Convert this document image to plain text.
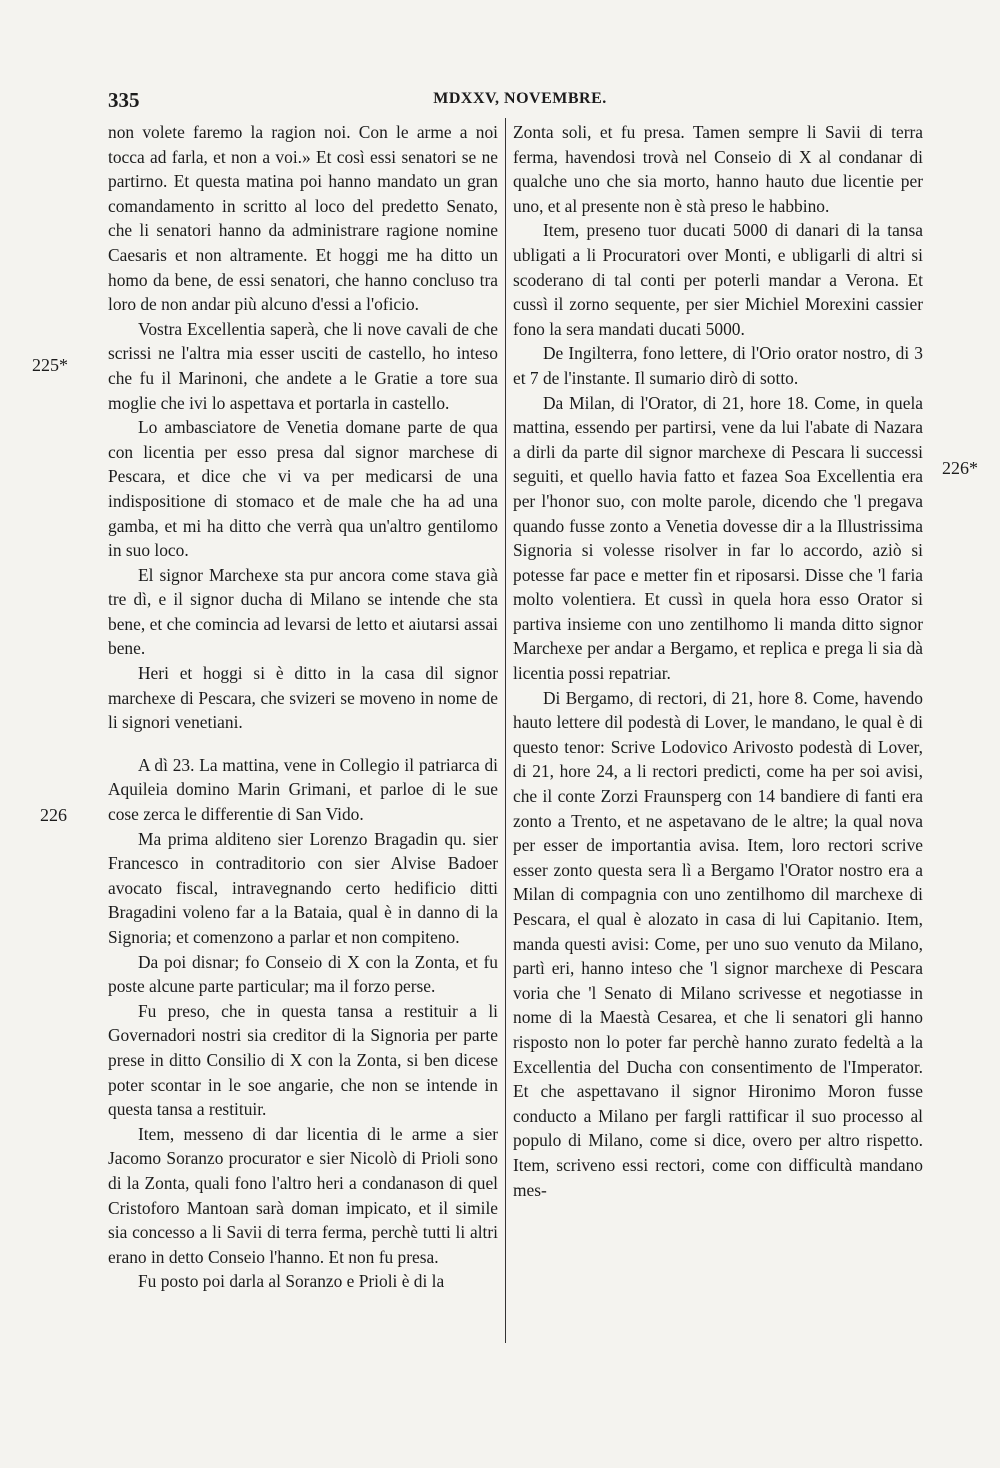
335	MDXXV, NOVEMBRE.
225*
226
226*

non volete faremo la ragion noi. Con le arme a noi tocca ad farla, et non a voi.» Et così essi senatori se ne partirno. Et questa matina poi hanno mandato un gran comandamento in scritto al loco del predetto Senato, che li senatori hanno da administrare ragione nomine Caesaris et non altramente. Et hoggi me ha ditto un homo da bene, de essi senatori, che hanno concluso tra loro de non andar più alcuno d'essi a l'oficio.

Vostra Excellentia saperà, che li nove cavali de che scrissi ne l'altra mia esser usciti de castello, ho inteso che fu il Marinoni, che andete a le Gratie a tore sua moglie che ivi lo aspettava et portarla in castello.

Lo ambasciatore de Venetia domane parte de qua con licentia per esso presa dal signor marchese di Pescara, et dice che vi va per medicarsi de una indispositione di stomaco et de male che ha ad una gamba, et mi ha ditto che verrà qua un'altro gentilomo in suo loco.

El signor Marchexe sta pur ancora come stava già tre dì, e il signor ducha di Milano se intende che sta bene, et che comincia ad levarsi de letto et aiutarsi assai bene.

Heri et hoggi si è ditto in la casa dil signor marchexe di Pescara, che svizeri se moveno in nome de li signori venetiani.

A dì 23. La mattina, vene in Collegio il patriarca di Aquileia domino Marin Grimani, et parloe di le sue cose zerca le differentie di San Vido.

Ma prima alditeno sier Lorenzo Bragadin qu. sier Francesco in contraditorio con sier Alvise Badoer avocato fiscal, intravegnando certo hedificio ditti Bragadini voleno far a la Bataia, qual è in danno di la Signoria; et comenzono a parlar et non compiteno.

Da poi disnar; fo Conseio di X con la Zonta, et fu poste alcune parte particular; ma il forzo perse.

Fu preso, che in questa tansa a restituir a li Governadori nostri sia creditor di la Signoria per parte prese in ditto Consilio di X con la Zonta, si ben dicese poter scontar in le soe angarie, che non se intende in questa tansa a restituir.

Item, messeno di dar licentia di le arme a sier Jacomo Soranzo procurator e sier Nicolò di Prioli sono di la Zonta, quali fono l'altro heri a condanason di quel Cristoforo Mantoan sarà doman impicato, et il simile sia concesso a li Savii di terra ferma, perchè tutti li altri erano in detto Conseio l'hanno. Et non fu presa.

Fu posto poi darla al Soranzo e Prioli è di la

Zonta soli, et fu presa. Tamen sempre li Savii di terra ferma, havendosi trovà nel Conseio di X al condanar di qualche uno che sia morto, hanno hauto due licentie per uno, et al presente non è stà preso le habbino.

Item, preseno tuor ducati 5000 di danari di la tansa ubligati a li Procuratori over Monti, e ubligarli di altri si scoderano di tal conti per poterli mandar a Verona. Et cussì il zorno sequente, per sier Michiel Morexini cassier fono la sera mandati ducati 5000.

De Ingilterra, fono lettere, di l'Orio orator nostro, di 3 et 7 de l'instante. Il sumario dirò di sotto.

Da Milan, di l'Orator, di 21, hore 18. Come, in quela mattina, essendo per partirsi, vene da lui l'abate di Nazara a dirli da parte dil signor marchexe di Pescara li successi seguiti, et quello havia fatto et fazea Soa Excellentia era per l'honor suo, con molte parole, dicendo che 'l pregava quando fusse zonto a Venetia dovesse dir a la Illustrissima Signoria si volesse risolver in far lo accordo, aziò si potesse far pace e metter fin et riposarsi. Disse che 'l faria molto volentiera. Et cussì in quela hora esso Orator si partiva insieme con uno zentilhomo li manda ditto signor Marchexe per andar a Bergamo, et replica e prega li sia dà licentia possi repatriar.

Di Bergamo, di rectori, di 21, hore 8. Come, havendo hauto lettere dil podestà di Lover, le mandano, le qual è di questo tenor: Scrive Lodovico Arivosto podestà di Lover, di 21, hore 24, a li rectori predicti, come ha per soi avisi, che il conte Zorzi Fraunsperg con 14 bandiere di fanti era zonto a Trento, et ne aspetavano de le altre; la qual nova per esser de importantia avisa. Item, loro rectori scrive esser zonto questa sera lì a Bergamo l'Orator nostro era a Milan di compagnia con uno zentilhomo dil marchexe di Pescara, el qual è alozato in casa di lui Capitanio. Item, manda questi avisi: Come, per uno suo venuto da Milano, partì eri, hanno inteso che 'l signor marchexe di Pescara voria che 'l Senato di Milano scrivesse et negotiasse in nome di la Maestà Cesarea, et che li senatori gli hanno risposto non lo poter far perchè hanno zurato fedeltà a la Excellentia del Ducha con consentimento de l'Imperator. Et che aspettavano il signor Hironimo Moron fusse conducto a Milano per fargli rattificar il suo processo al populo di Milano, come si dice, overo per altro rispetto. Item, scriveno essi rectori, come con difficultà mandano mes-
